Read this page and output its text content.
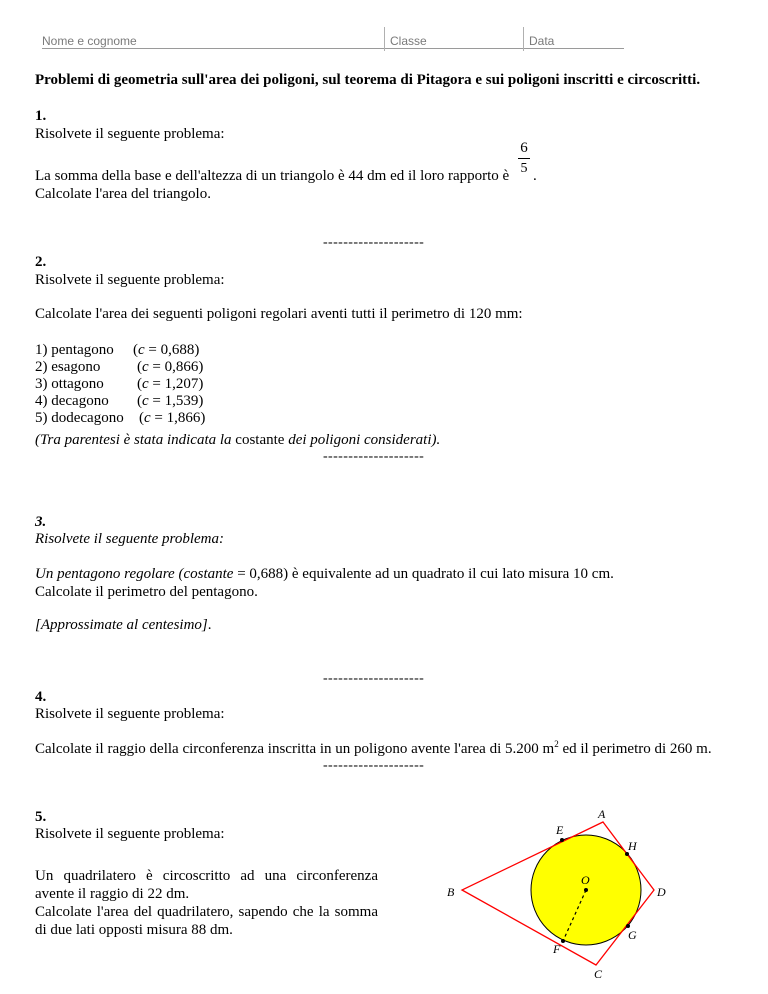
Nome e cognome	Classe	Data
Problemi di geometria sull'area dei poligoni, sul teorema di Pitagora e sui poligoni inscritti e circoscritti.
1.
Risolvete il seguente problema:
La somma della base e dell'altezza di un triangolo è 44 dm ed il loro rapporto è
6
5 .
Calcolate l'area del triangolo.
--------------------
2.
Risolvete il seguente problema:
Calcolate l'area dei seguenti poligoni regolari aventi tutti il perimetro di 120 mm:
1) pentagono (c = 0,688)
2) esagono (c = 0,866)
3) ottagono (c = 1,207)
4) decagono (c = 1,539)
5) dodecagono (c = 1,866)
(Tra parentesi è stata indicata la costante dei poligoni considerati).
--------------------
3.
Risolvete il seguente problema:
Un pentagono regolare (costante = 0,688) è equivalente ad un quadrato il cui lato misura 10 cm.
Calcolate il perimetro del pentagono.
[Approssimate al centesimo].
--------------------
4.
Risolvete il seguente problema:
Calcolate il raggio della circonferenza inscritta in un poligono avente l'area di 5.200 $m^2$ ed il perimetro di 260 m.
--------------------
5.
Risolvete il seguente problema:
Un quadrilatero è circoscritto ad una circonferenza
avente il raggio di 22 dm.
Calcolate l'area del quadrilatero, sapendo che la somma
di due lati opposti misura 88 dm.
A
E
H
O
B	D
G
F
C
